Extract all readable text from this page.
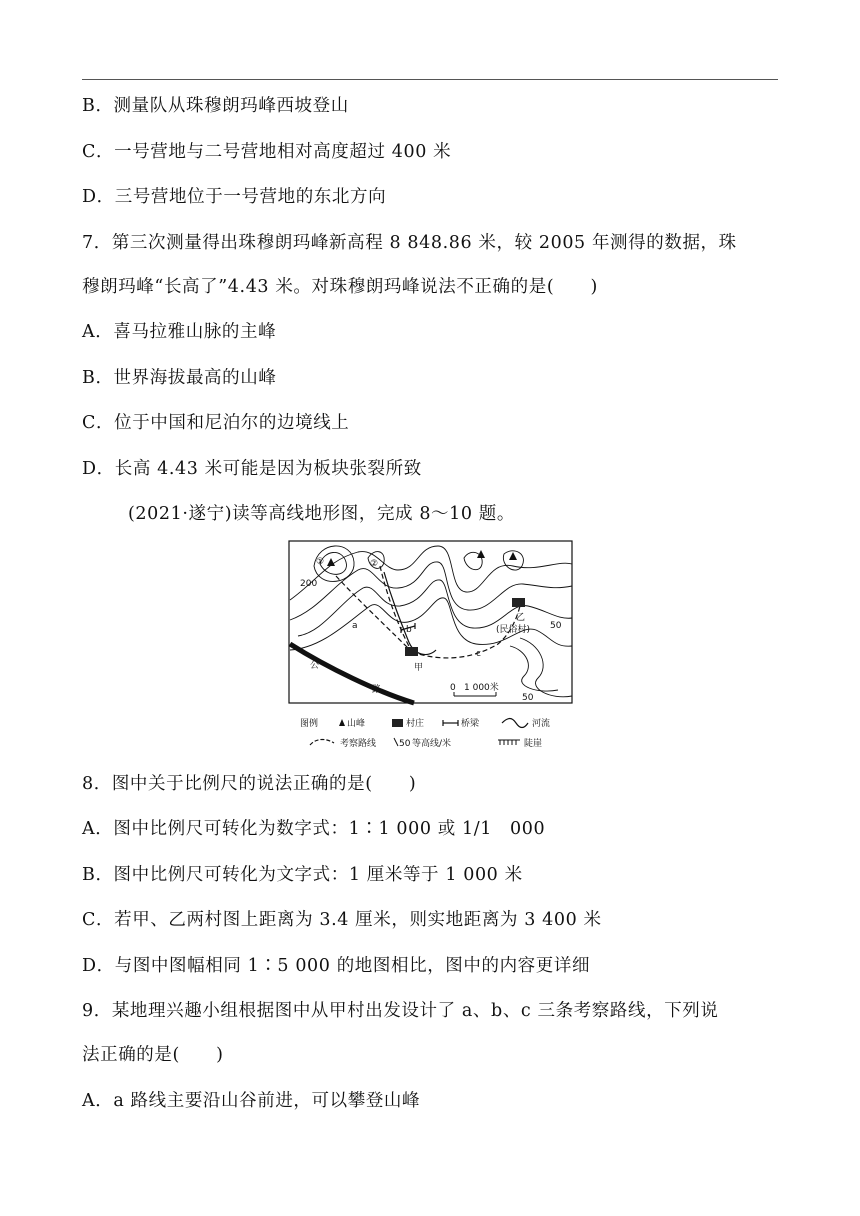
B．测量队从珠穆朗玛峰西坡登山
C．一号营地与二号营地相对高度超过 400 米
D．三号营地位于一号营地的东北方向
7．第三次测量得出珠穆朗玛峰新高程 8 848.86 米，较 2005 年测得的数据，珠
穆朗玛峰“长高了”4.43 米。对珠穆朗玛峰说法不正确的是(　　)
A．喜马拉雅山脉的主峰
B．世界海拔最高的山峰
C．位于中国和尼泊尔的边境线上
D．长高 4.43 米可能是因为板块张裂所致
(2021·遂宁)读等高线地形图，完成 8～10 题。
①	②
200
50
50
甲
乙
(民俗村)
a	b
c
公
路	0 1 000米
图例	山峰	村庄	桥梁	河流
考察路线	50 等高线/米	陡崖
8．图中关于比例尺的说法正确的是(　　)
A．图中比例尺可转化为数字式：1∶1 000 或 1/1　000
B．图中比例尺可转化为文字式：1 厘米等于 1 000 米
C．若甲、乙两村图上距离为 3.4 厘米，则实地距离为 3 400 米
D．与图中图幅相同 1∶5 000 的地图相比，图中的内容更详细
9．某地理兴趣小组根据图中从甲村出发设计了 a、b、c 三条考察路线，下列说
法正确的是(　　)
A．a 路线主要沿山谷前进，可以攀登山峰
